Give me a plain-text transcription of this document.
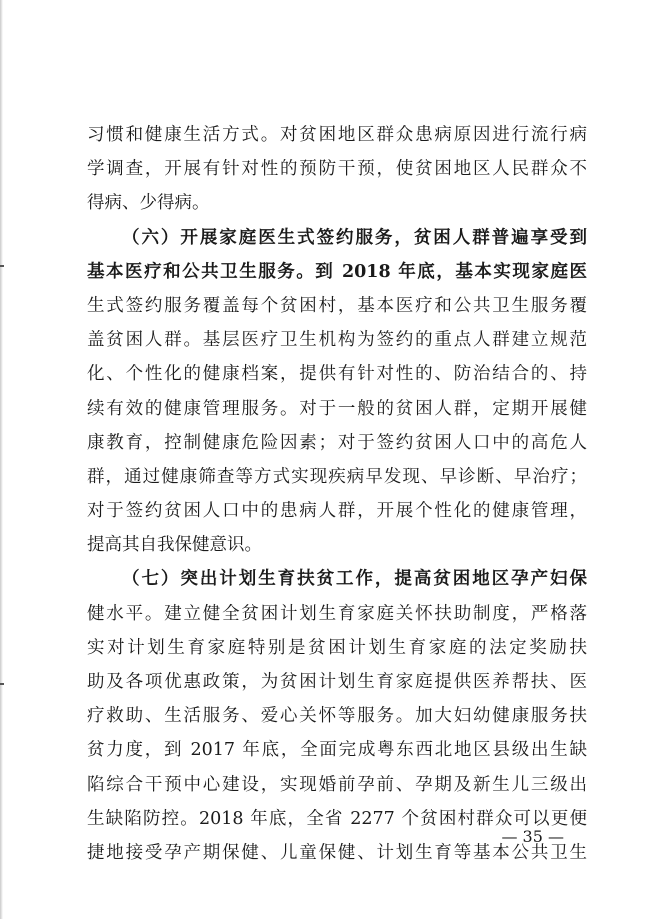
习惯和健康生活方式。对贫困地区群众患病原因进行流行病
学调查，开展有针对性的预防干预，使贫困地区人民群众不
得病、少得病。
（六）开展家庭医生式签约服务，贫困人群普遍享受到
基本医疗和公共卫生服务。到 2018 年底，基本实现家庭医
生式签约服务覆盖每个贫困村，基本医疗和公共卫生服务覆
盖贫困人群。基层医疗卫生机构为签约的重点人群建立规范
化、个性化的健康档案，提供有针对性的、防治结合的、持
续有效的健康管理服务。对于一般的贫困人群，定期开展健
康教育，控制健康危险因素；对于签约贫困人口中的高危人
群，通过健康筛查等方式实现疾病早发现、早诊断、早治疗；
对于签约贫困人口中的患病人群，开展个性化的健康管理，
提高其自我保健意识。
（七）突出计划生育扶贫工作，提高贫困地区孕产妇保
健水平。建立健全贫困计划生育家庭关怀扶助制度，严格落
实对计划生育家庭特别是贫困计划生育家庭的法定奖励扶
助及各项优惠政策，为贫困计划生育家庭提供医养帮扶、医
疗救助、生活服务、爱心关怀等服务。加大妇幼健康服务扶
贫力度，到 2017 年底，全面完成粤东西北地区县级出生缺
陷综合干预中心建设，实现婚前孕前、孕期及新生儿三级出
生缺陷防控。2018 年底，全省 2277 个贫困村群众可以更便
捷地接受孕产期保健、儿童保健、计划生育等基本公共卫生
— 35 —
